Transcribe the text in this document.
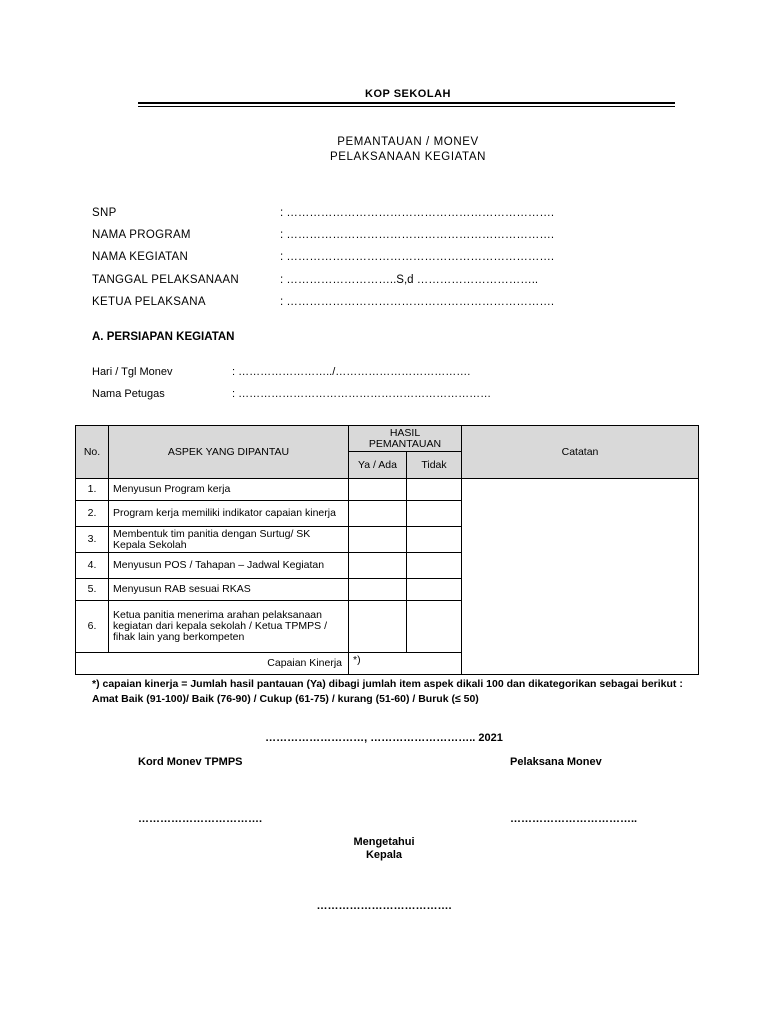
KOP SEKOLAH
PEMANTAUAN / MONEV
PELAKSANAAN KEGIATAN
SNP	: …………………………………………………………….
NAMA PROGRAM	: …………………………………………………………….
NAMA KEGIATAN	: …………………………………………………………….
TANGGAL PELAKSANAAN	: ………………………..S,d …………………………..
KETUA PELAKSANA	: …………………………………………………………….
A. PERSIAPAN KEGIATAN
Hari / Tgl Monev	: ……………………../……………………………….
Nama Petugas	: ……………………………………………………………
No.	ASPEK YANG DIPANTAU	HASIL PEMANTAUAN		Catatan
		Ya / Ada	Tidak	
1.	Menyusun Program kerja			
2.	Program kerja memiliki indikator capaian kinerja			
3.	Membentuk tim panitia dengan Surtug/ SK Kepala Sekolah			
4.	Menyusun POS / Tahapan – Jadwal Kegiatan			
5.	Menyusun RAB sesuai RKAS			
6.	Ketua panitia menerima arahan pelaksanaan kegiatan dari kepala sekolah / Ketua TPMPS / fihak lain yang berkompeten			
Capaian Kinerja		*)		
*) capaian kinerja = Jumlah hasil pantauan (Ya) dibagi jumlah item aspek dikali 100 dan dikategorikan sebagai berikut : Amat Baik (91-100)/ Baik (76-90) / Cukup (61-75) / kurang (51-60) / Buruk (≤ 50)
………………………, ……………………….. 2021
Kord Monev TPMPS	Pelaksana Monev
…………………………….	……………………………..
Mengetahui
Kepala
……………………………….
